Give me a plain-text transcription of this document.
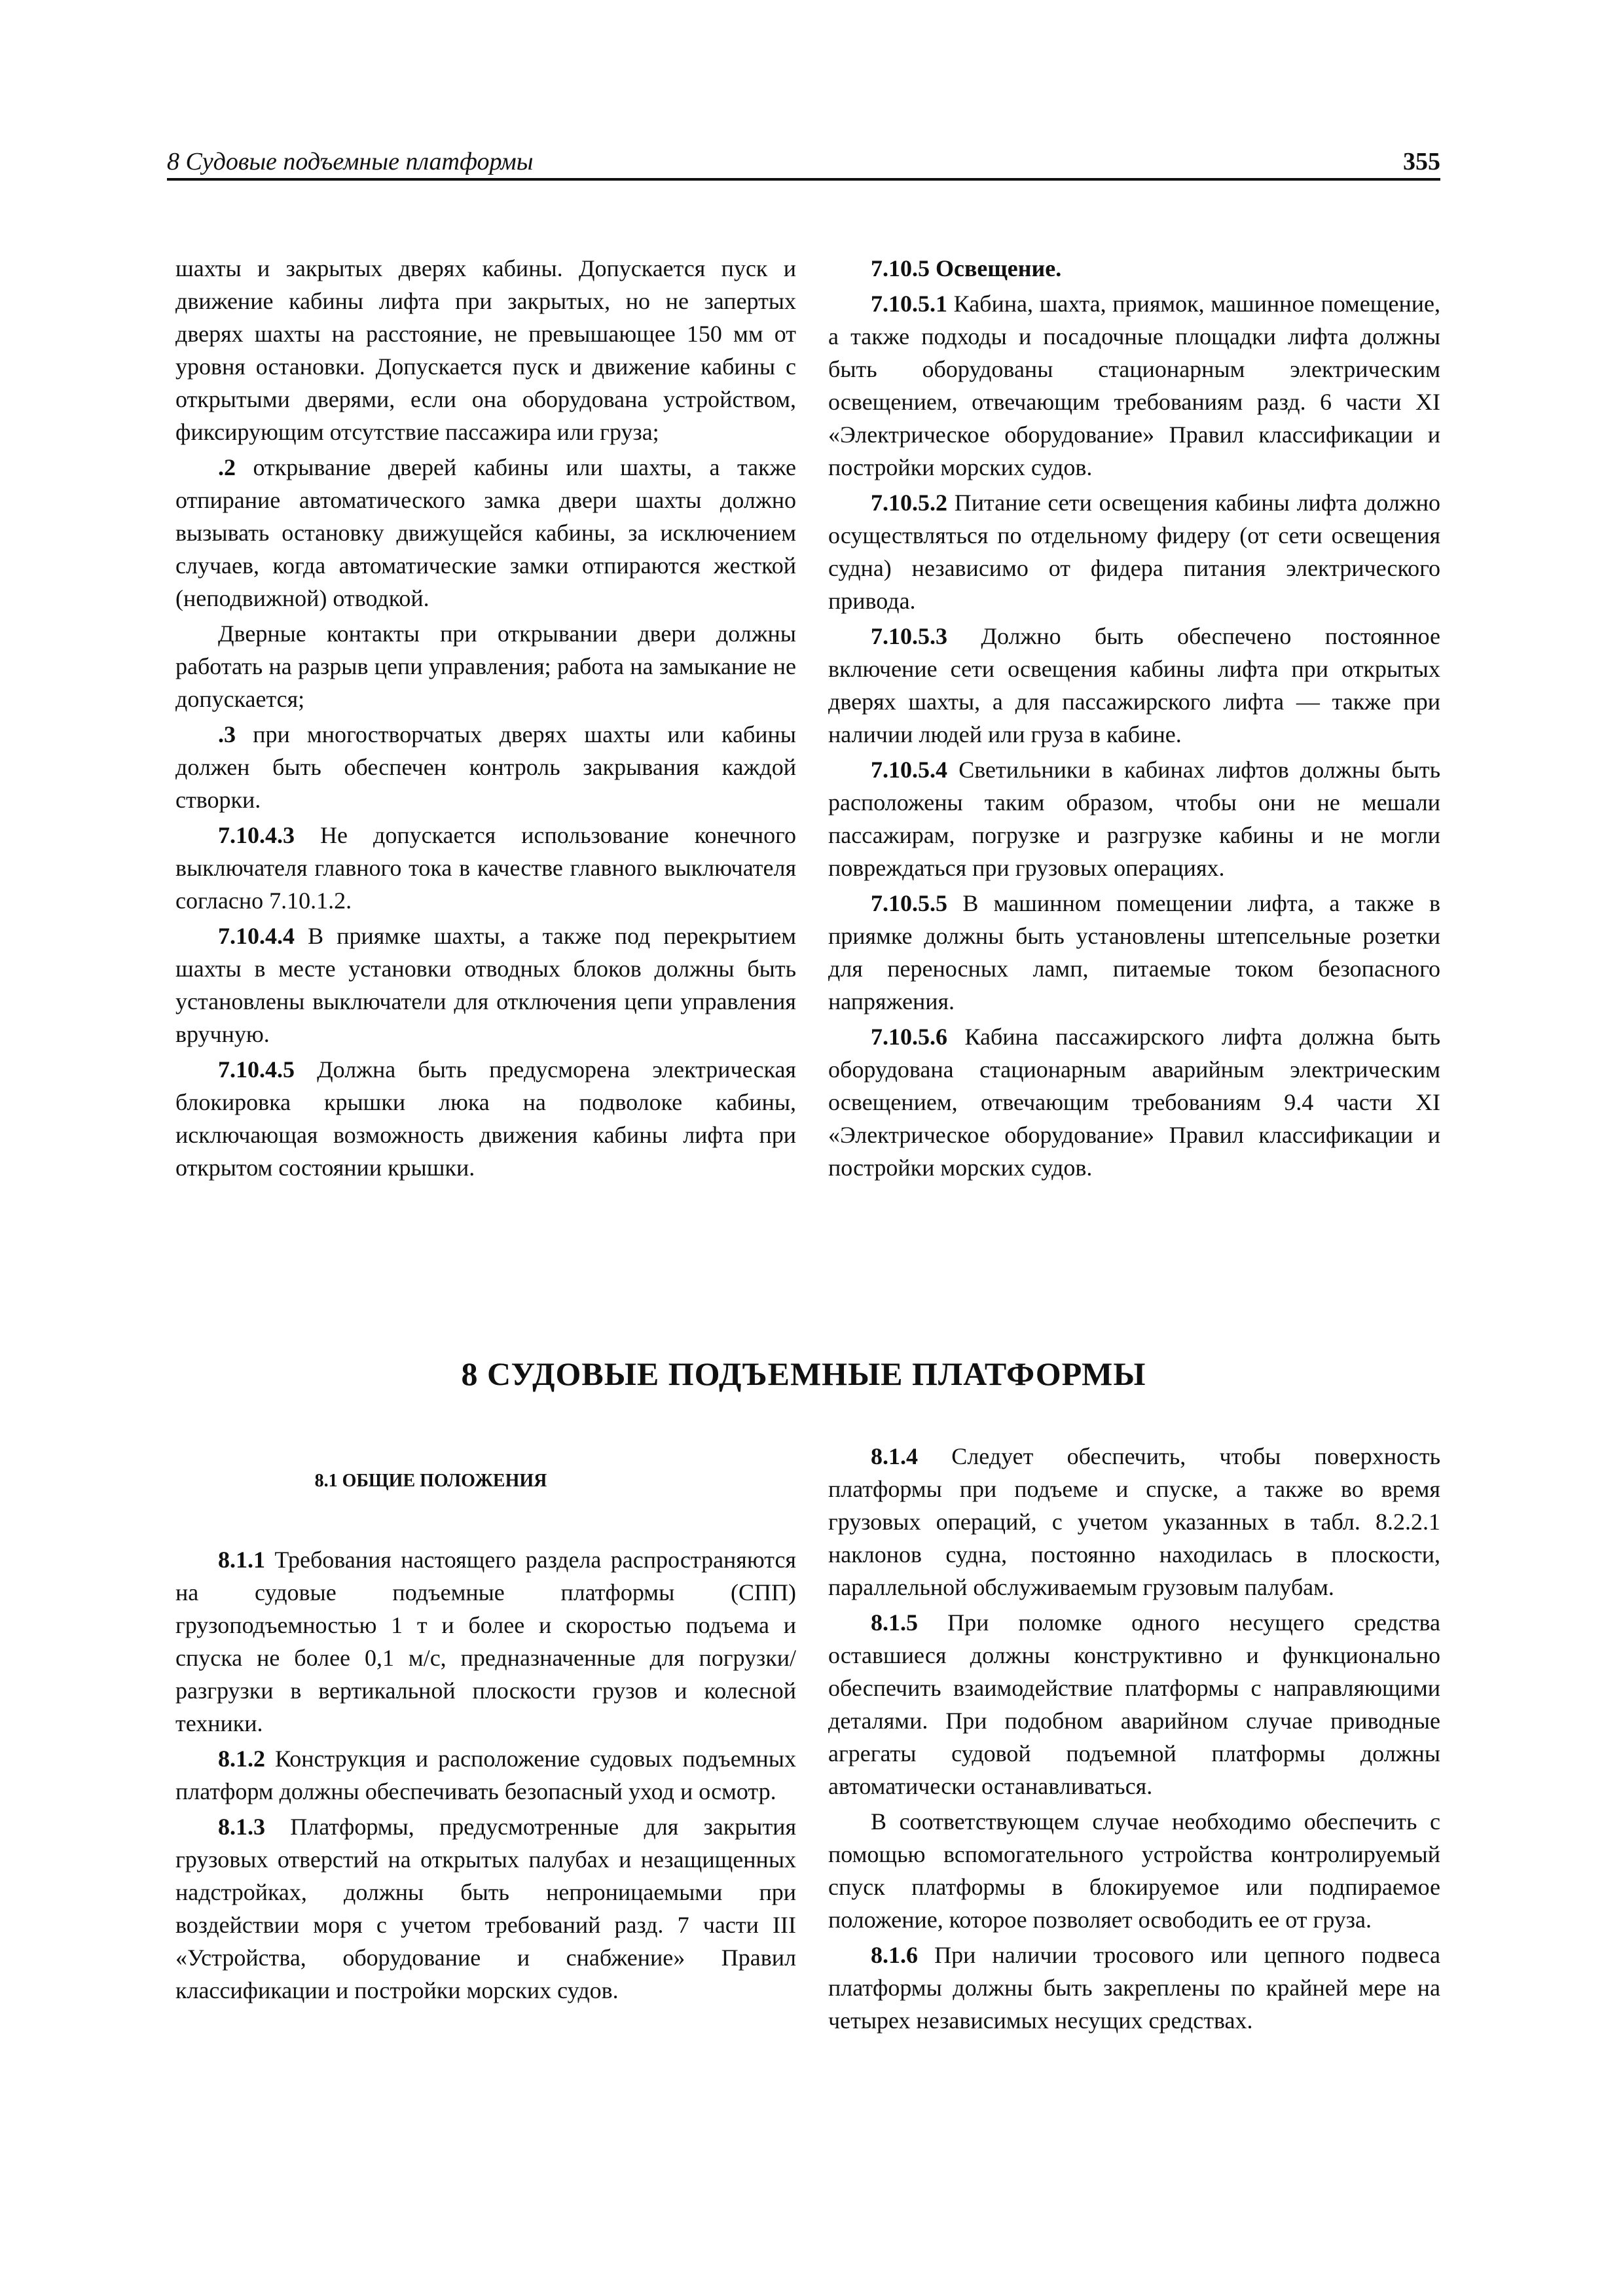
8 Судовые подъемные платформы	355

шахты и закрытых дверях кабины. Допускается пуск и движение кабины лифта при закрытых, но не запертых дверях шахты на расстояние, не превышающее 150 мм от уровня остановки. Допускается пуск и движение кабины с открытыми дверями, если она оборудована устройством, фиксирующим отсутствие пассажира или груза;

.2 открывание дверей кабины или шахты, а также отпирание автоматического замка двери шахты должно вызывать остановку движущейся кабины, за исключением случаев, когда автоматические замки отпираются жесткой (неподвижной) отводкой.

Дверные контакты при открывании двери должны работать на разрыв цепи управления; работа на замыкание не допускается;

.3 при многостворчатых дверях шахты или кабины должен быть обеспечен контроль закрывания каждой створки.

7.10.4.3 Не допускается использование конечного выключателя главного тока в качестве главного выключателя согласно 7.10.1.2.

7.10.4.4 В приямке шахты, а также под перекрытием шахты в месте установки отводных блоков должны быть установлены выключатели для отключения цепи управления вручную.

7.10.4.5 Должна быть предусморена электрическая блокировка крышки люка на подволоке кабины, исключающая возможность движения кабины лифта при открытом состоянии крышки.

7.10.5 Освещение.

7.10.5.1 Кабина, шахта, приямок, машинное помещение, а также подходы и посадочные площадки лифта должны быть оборудованы стационарным электрическим освещением, отвечающим требованиям разд. 6 части XI «Электрическое оборудование» Правил классификации и постройки морских судов.

7.10.5.2 Питание сети освещения кабины лифта должно осуществляться по отдельному фидеру (от сети освещения судна) независимо от фидера питания электрического привода.

7.10.5.3 Должно быть обеспечено постоянное включение сети освещения кабины лифта при открытых дверях шахты, а для пассажирского лифта — также при наличии людей или груза в кабине.

7.10.5.4 Светильники в кабинах лифтов должны быть расположены таким образом, чтобы они не мешали пассажирам, погрузке и разгрузке кабины и не могли повреждаться при грузовых операциях.

7.10.5.5 В машинном помещении лифта, а также в приямке должны быть установлены штепсельные розетки для переносных ламп, питаемые током безопасного напряжения.

7.10.5.6 Кабина пассажирского лифта должна быть оборудована стационарным аварийным электрическим освещением, отвечающим требованиям 9.4 части XI «Электрическое оборудование» Правил классификации и постройки морских судов.

8 СУДОВЫЕ ПОДЪЕМНЫЕ ПЛАТФОРМЫ
8.1 ОБЩИЕ ПОЛОЖЕНИЯ

8.1.1 Требования настоящего раздела распространяются на судовые подъемные платформы (СПП) грузоподъемностью 1 т и более и скоростью подъема и спуска не более 0,1 м/с, предназначенные для погрузки/разгрузки в вертикальной плоскости грузов и колесной техники.

8.1.2 Конструкция и расположение судовых подъемных платформ должны обеспечивать безопасный уход и осмотр.

8.1.3 Платформы, предусмотренные для закрытия грузовых отверстий на открытых палубах и незащищенных надстройках, должны быть непроницаемыми при воздействии моря с учетом требований разд. 7 части III «Устройства, оборудование и снабжение» Правил классификации и постройки морских судов.

8.1.4 Следует обеспечить, чтобы поверхность платформы при подъеме и спуске, а также во время грузовых операций, с учетом указанных в табл. 8.2.2.1 наклонов судна, постоянно находилась в плоскости, параллельной обслуживаемым грузовым палубам.

8.1.5 При поломке одного несущего средства оставшиеся должны конструктивно и функционально обеспечить взаимодействие платформы с направляющими деталями. При подобном аварийном случае приводные агрегаты судовой подъемной платформы должны автоматически останавливаться.

В соответствующем случае необходимо обеспечить с помощью вспомогательного устройства контролируемый спуск платформы в блокируемое или подпираемое положение, которое позволяет освободить ее от груза.

8.1.6 При наличии тросового или цепного подвеса платформы должны быть закреплены по крайней мере на четырех независимых несущих средствах.
